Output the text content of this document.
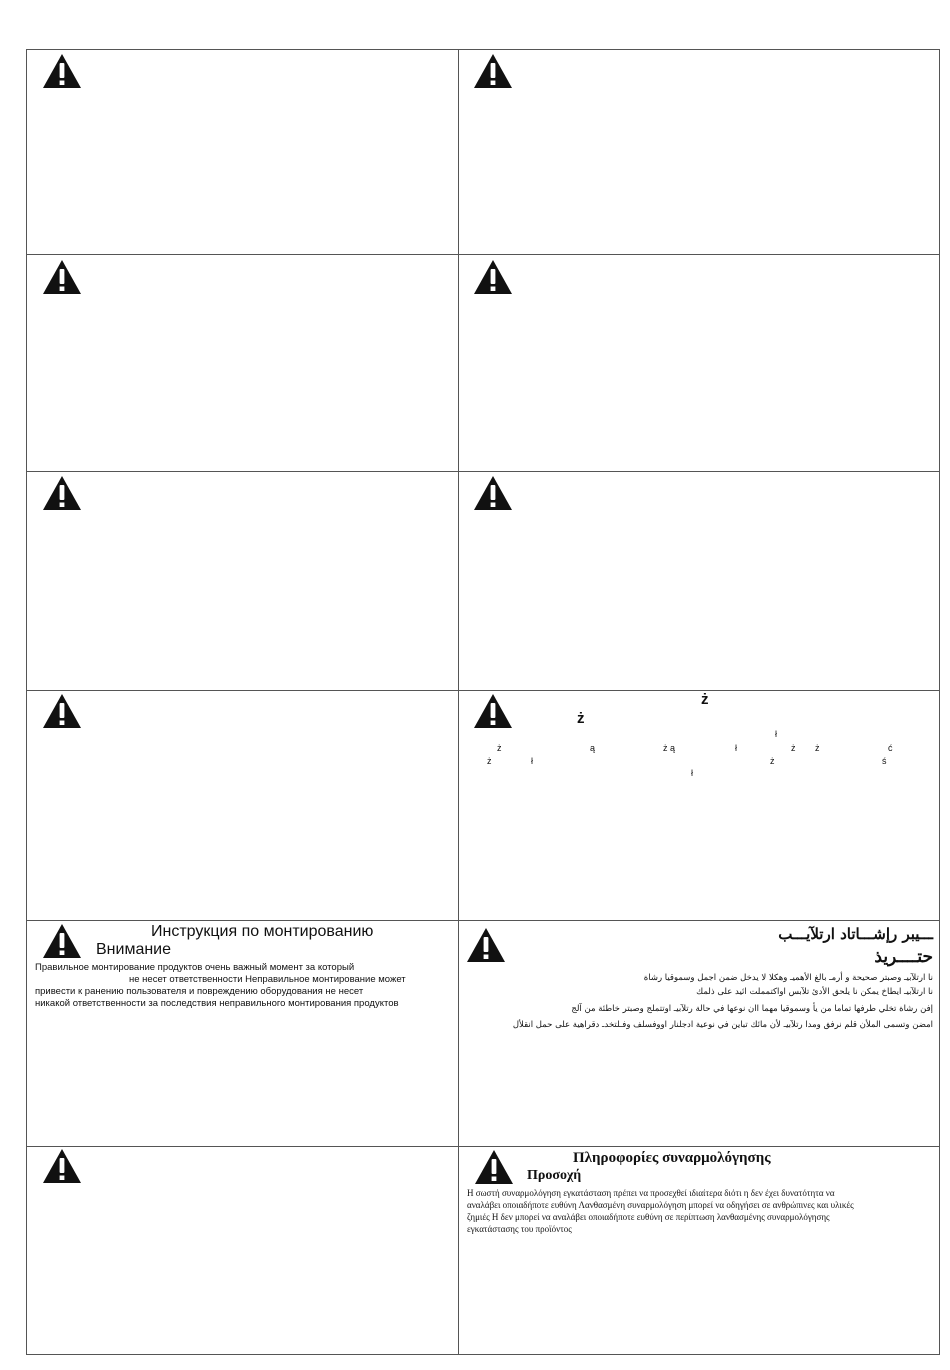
ż
ż
ł
ż	ą	ż ą	ł	ż ż	ć
ż	ł	ż	ś
ł
Инструкция по монтированию
Внимание
Правильное монтирование продуктов очень важный момент за который
не несет ответственности Неправильное монтирование может
привести к ранению пользователя и повреждению оборудования не несет
никакой ответственности за последствия неправильного монтирования продуктов
ـــيبر رإشـــاتاد ارتلآيـــب
حتــــريذ
نا ارتلآبيـ وصبتر صحيحة و أرمـ بالغ الأهميـ وهكلا لا يدخل ضمن اجمل وسموقيا رشاة
نا ارتلآبيـ ايطاخ يمكن نا يلحق الأدئ تلآبس اواكتمملت ائيد على ذلمك
إفن رشاة تخلي طرفها تماما من يأ وسموقيا مهما اان نوعها في حالة رتلآبيـ اوتتملج وصبتر خاطئة من آلج
امضن وتسمى الملأن قلم نرفق ومدا رتلآبيـ لأن مائك تباين في نوعية ادجلنار اووفسلف وفـلتخدـ دقراهية على حمل انقلأل
Πληροφορίες συναρμολόγησης
Προσοχή
Η σωστή συναρμολόγηση εγκατάσταση πρέπει να προσεχθεί ιδιαίτερα διότι η δεν έχει δυνατότητα να
αναλάβει οποιαδήποτε ευθύνη Λανθασμένη συναρμολόγηση μπορεί να οδηγήσει σε ανθρώπινες και υλικές
ζημιές Η δεν μπορεί να αναλάβει οποιαδήποτε ευθύνη σε περίπτωση λανθασμένης συναρμολόγησης
εγκατάστασης του προϊόντος
